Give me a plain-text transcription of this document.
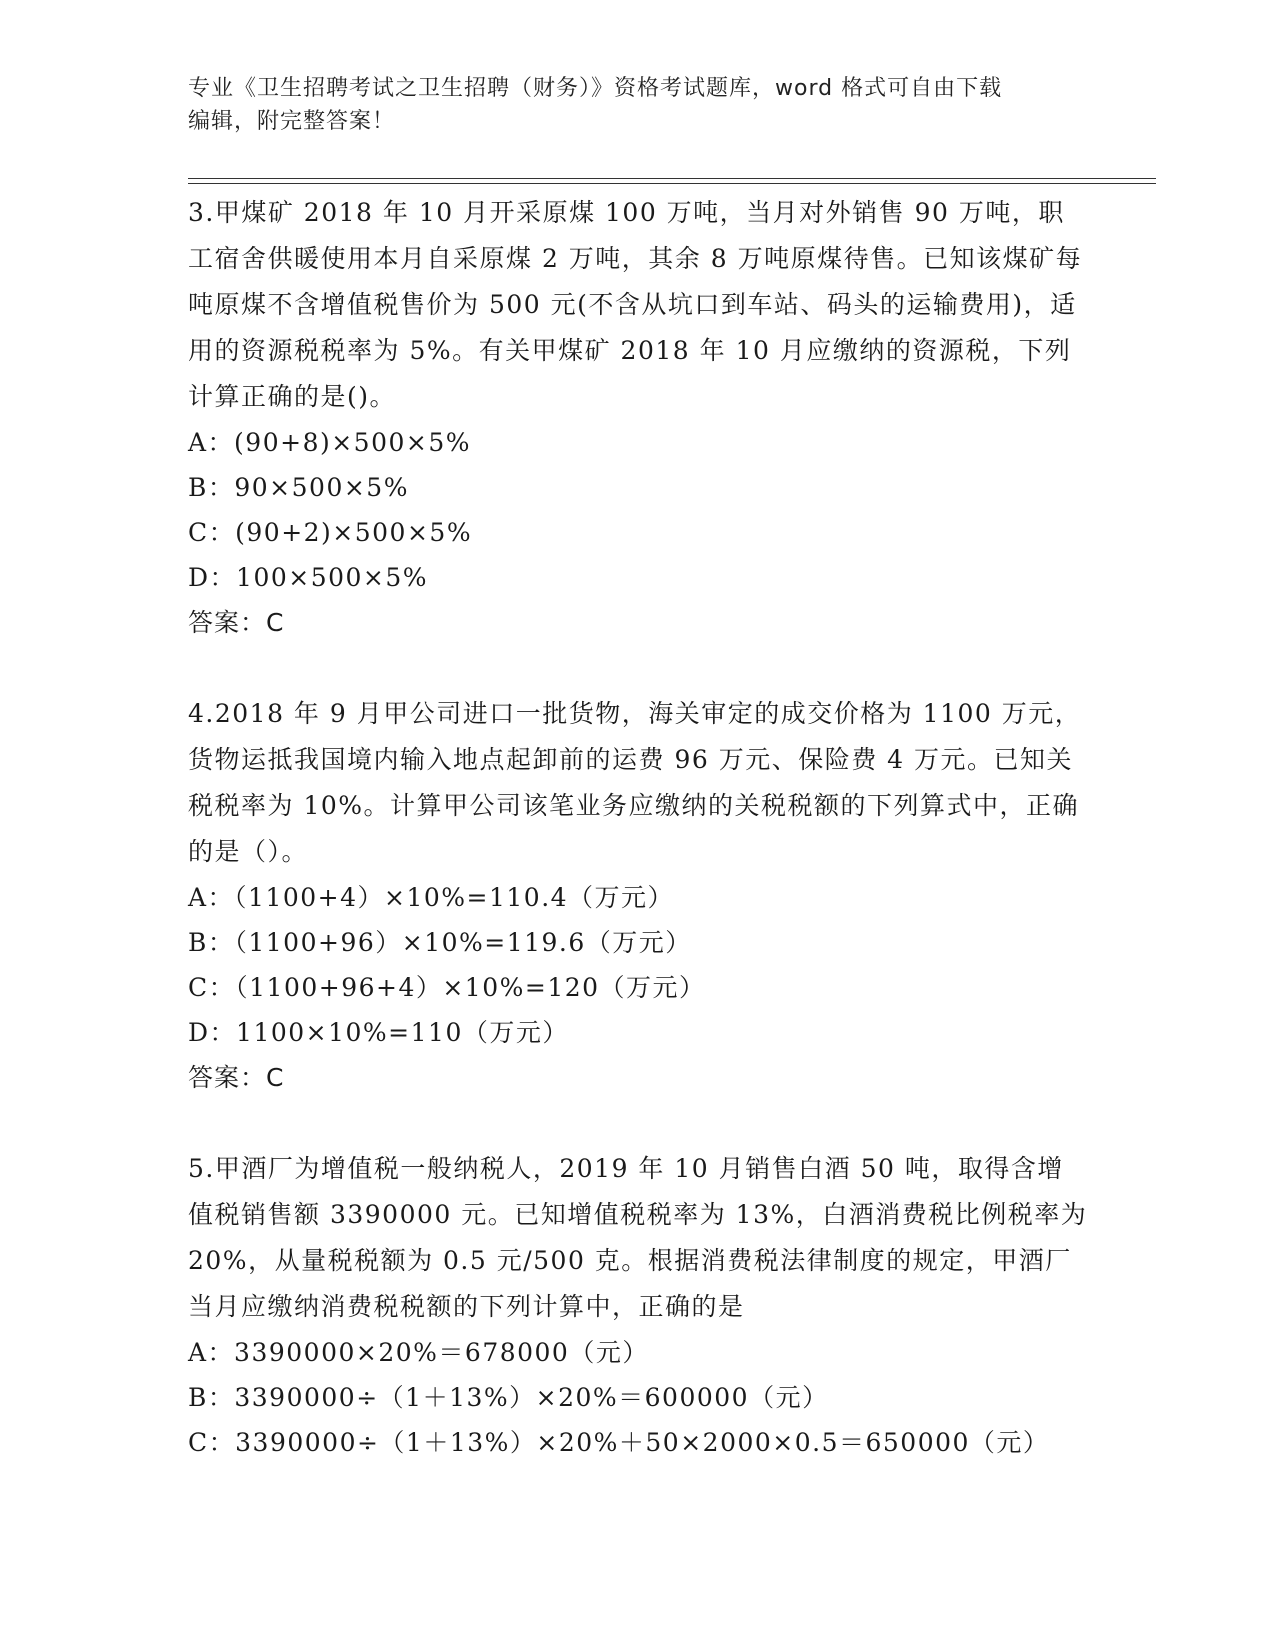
专业《卫生招聘考试之卫生招聘（财务）》资格考试题库，word 格式可自由下载
编辑，附完整答案！

3.甲煤矿 2018 年 10 月开采原煤 100 万吨，当月对外销售 90 万吨，职工宿舍供暖使用本月自采原煤 2 万吨，其余 8 万吨原煤待售。已知该煤矿每吨原煤不含增值税售价为 500 元(不含从坑口到车站、码头的运输费用)，适用的资源税税率为 5%。有关甲煤矿 2018 年 10 月应缴纳的资源税，下列计算正确的是()。

A：(90+8)×500×5%

B：90×500×5%

C：(90+2)×500×5%

D：100×500×5%

答案：C

4.2018 年 9 月甲公司进口一批货物，海关审定的成交价格为 1100 万元，货物运抵我国境内输入地点起卸前的运费 96 万元、保险费 4 万元。已知关税税率为 10%。计算甲公司该笔业务应缴纳的关税税额的下列算式中，正确的是（）。

A：（1100+4）×10%=110.4（万元）

B：（1100+96）×10%=119.6（万元）

C：（1100+96+4）×10%=120（万元）

D：1100×10%=110（万元）

答案：C

5.甲酒厂为增值税一般纳税人，2019 年 10 月销售白酒 50 吨，取得含增值税销售额 3390000 元。已知增值税税率为 13%，白酒消费税比例税率为 20%，从量税税额为 0.5 元/500 克。根据消费税法律制度的规定，甲酒厂当月应缴纳消费税税额的下列计算中，正确的是

A：3390000×20%＝678000（元）

B：3390000÷（1＋13%）×20%＝600000（元）

C：3390000÷（1＋13%）×20%＋50×2000×0.5＝650000（元）
